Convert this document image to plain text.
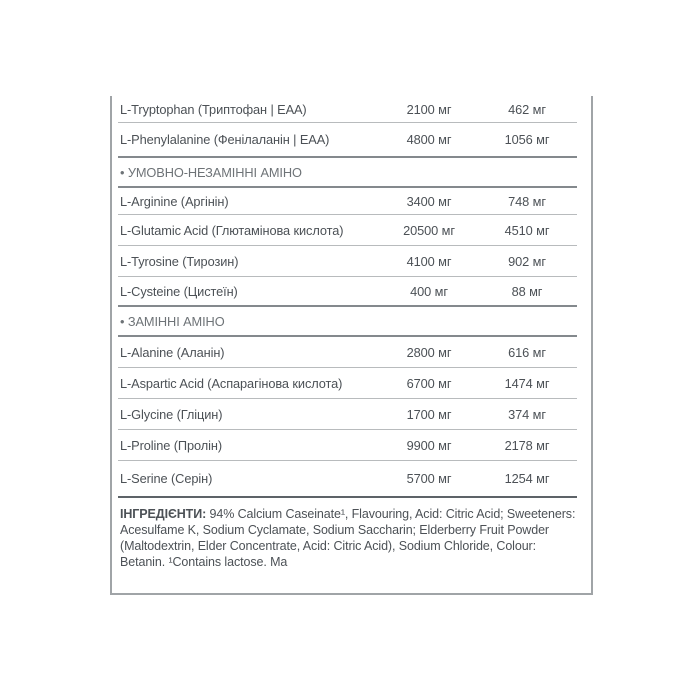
L-Tryptophan (Триптофан | EAA)	2100 мг	462 мг
L-Phenylalanine (Фенілаланін | EAA)	4800 мг	1056 мг
• УМОВНО-НЕЗАМІННІ АМІНО
L-Arginine (Аргінін)	3400 мг	748 мг
L-Glutamic Acid (Глютамінова кислота)	20500 мг	4510 мг
L-Tyrosine (Тирозин)	4100 мг	902 мг
L-Cysteine (Цистеїн)	400 мг	88 мг
• ЗАМІННІ АМІНО
L-Alanine (Аланін)	2800 мг	616 мг
L-Aspartic Acid (Аспарагінова кислота)	6700 мг	1474 мг
L-Glycine (Гліцин)	1700 мг	374 мг
L-Proline (Пролін)	9900 мг	2178 мг
L-Serine (Серін)	5700 мг	1254 мг
ІНГРЕДІЄНТИ: 94% Calcium Caseinate¹, Flavouring, Acid: Citric Acid; Sweeteners: Acesulfame K, Sodium Cyclamate, Sodium Saccharin; Elderberry Fruit Powder (Maltodextrin, Elder Concentrate, Acid: Citric Acid), Sodium Chloride, Colour: Betanin. ¹Contains lactose. Ma
